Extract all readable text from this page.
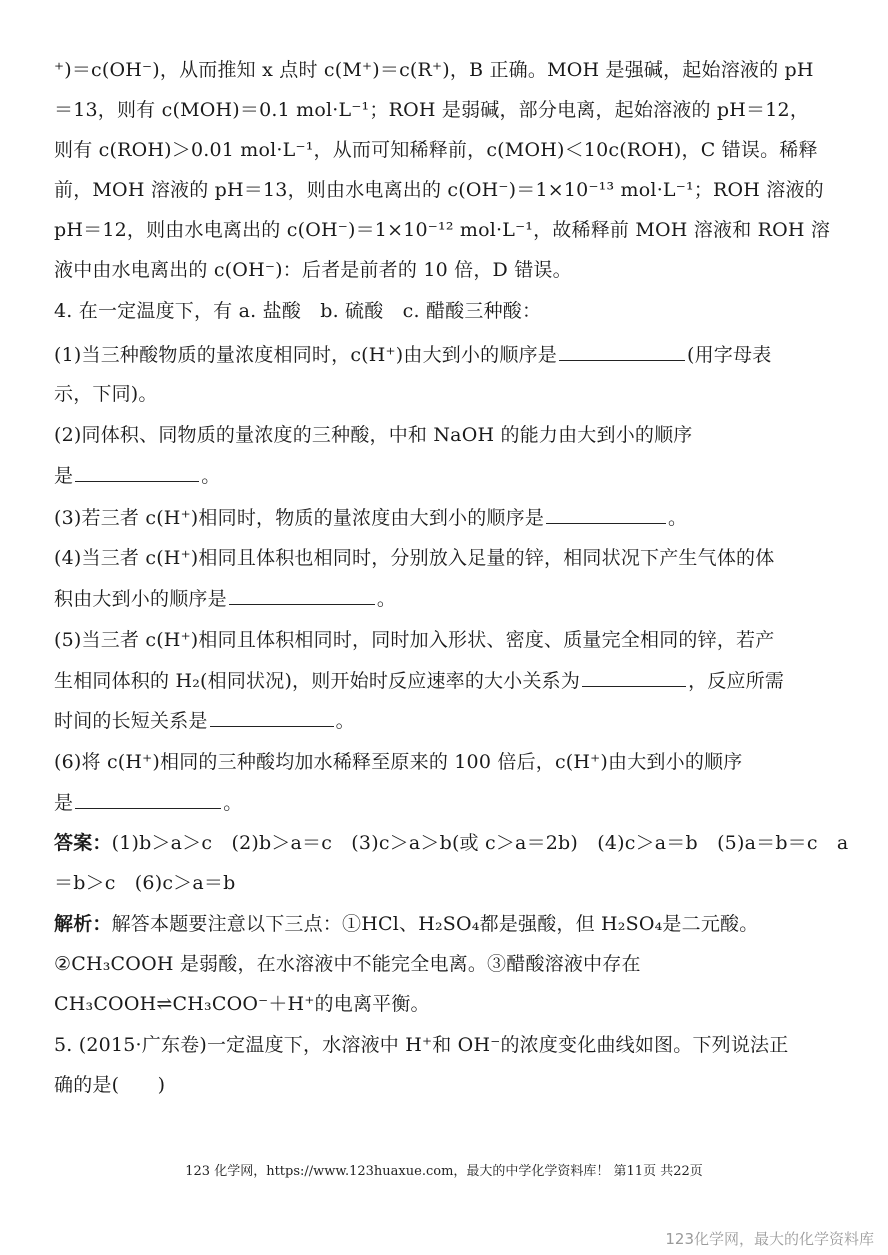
⁺)＝c(OH⁻)，从而推知 x 点时 c(M⁺)＝c(R⁺)，B 正确。MOH 是强碱，起始溶液的 pH
＝13，则有 c(MOH)＝0.1 mol·L⁻¹；ROH 是弱碱，部分电离，起始溶液的 pH＝12，
则有 c(ROH)＞0.01 mol·L⁻¹，从而可知稀释前，c(MOH)＜10c(ROH)，C 错误。稀释
前，MOH 溶液的 pH＝13，则由水电离出的 c(OH⁻)＝1×10⁻¹³ mol·L⁻¹；ROH 溶液的
pH＝12，则由水电离出的 c(OH⁻)＝1×10⁻¹² mol·L⁻¹，故稀释前 MOH 溶液和 ROH 溶
液中由水电离出的 c(OH⁻)：后者是前者的 10 倍，D 错误。
4. 在一定温度下，有 a. 盐酸　b. 硫酸　c. 醋酸三种酸：
(1)当三种酸物质的量浓度相同时，c(H⁺)由大到小的顺序是	(用字母表
示，下同)。
(2)同体积、同物质的量浓度的三种酸，中和 NaOH 的能力由大到小的顺序
是	。
(3)若三者 c(H⁺)相同时，物质的量浓度由大到小的顺序是	。
(4)当三者 c(H⁺)相同且体积也相同时，分别放入足量的锌，相同状况下产生气体的体
积由大到小的顺序是	。
(5)当三者 c(H⁺)相同且体积相同时，同时加入形状、密度、质量完全相同的锌，若产
生相同体积的 H₂(相同状况)，则开始时反应速率的大小关系为	，反应所需
时间的长短关系是	。
(6)将 c(H⁺)相同的三种酸均加水稀释至原来的 100 倍后，c(H⁺)由大到小的顺序
是	。
答案：(1)b＞a＞c　(2)b＞a＝c　(3)c＞a＞b(或 c＞a＝2b)　(4)c＞a＝b　(5)a＝b＝c　a
＝b＞c　(6)c＞a＝b
解析：解答本题要注意以下三点：①HCl、H₂SO₄都是强酸，但 H₂SO₄是二元酸。
②CH₃COOH 是弱酸，在水溶液中不能完全电离。③醋酸溶液中存在
CH₃COOH⇌CH₃COO⁻＋H⁺的电离平衡。
5. (2015·广东卷)一定温度下，水溶液中 H⁺和 OH⁻的浓度变化曲线如图。下列说法正
确的是(　　)
123 化学网，https://www.123huaxue.com，最大的中学化学资料库！ 第11页 共22页
123化学网，最大的化学资料库
